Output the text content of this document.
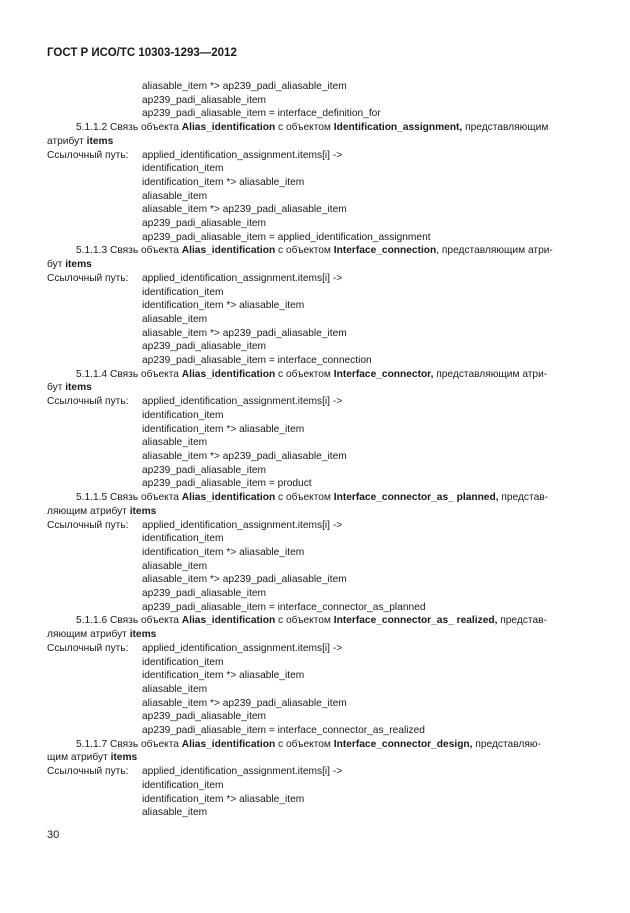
ГОСТ Р ИСО/ТС 10303-1293—2012
aliasable_item *> ap239_padi_aliasable_item
ap239_padi_aliasable_item
ap239_padi_aliasable_item = interface_definition_for
5.1.1.2 Связь объекта Alias_identification с объектом Identification_assignment, представляющим
атрибут items
Ссылочный путь:	applied_identification_assignment.items[i] ->
identification_item
identification_item *> aliasable_item
aliasable_item
aliasable_item *> ap239_padi_aliasable_item
ap239_padi_aliasable_item
ap239_padi_aliasable_item = applied_identification_assignment
5.1.1.3 Связь объекта Alias_identification с объектом Interface_connection, представляющим атри-
бут items
Ссылочный путь:	applied_identification_assignment.items[i] ->
identification_item
identification_item *> aliasable_item
aliasable_item
aliasable_item *> ap239_padi_aliasable_item
ap239_padi_aliasable_item
ap239_padi_aliasable_item = interface_connection
5.1.1.4 Связь объекта Alias_identification с объектом Interface_connector, представляющим атри-
бут items
Ссылочный путь:	applied_identification_assignment.items[i] ->
identification_item
identification_item *> aliasable_item
aliasable_item
aliasable_item *> ap239_padi_aliasable_item
ap239_padi_aliasable_item
ap239_padi_aliasable_item = product
5.1.1.5 Связь объекта Alias_identification с объектом Interface_connector_as_ planned, представ-
ляющим атрибут items
Ссылочный путь:	applied_identification_assignment.items[i] ->
identification_item
identification_item *> aliasable_item
aliasable_item
aliasable_item *> ap239_padi_aliasable_item
ap239_padi_aliasable_item
ap239_padi_aliasable_item = interface_connector_as_planned
5.1.1.6 Связь объекта Alias_identification с объектом Interface_connector_as_ realized, представ-
ляющим атрибут items
Ссылочный путь:	applied_identification_assignment.items[i] ->
identification_item
identification_item *> aliasable_item
aliasable_item
aliasable_item *> ap239_padi_aliasable_item
ap239_padi_aliasable_item
ap239_padi_aliasable_item = interface_connector_as_realized
5.1.1.7 Связь объекта Alias_identification с объектом Interface_connector_design, представляю-
щим атрибут items
Ссылочный путь:	applied_identification_assignment.items[i] ->
identification_item
identification_item *> aliasable_item
aliasable_item
30
